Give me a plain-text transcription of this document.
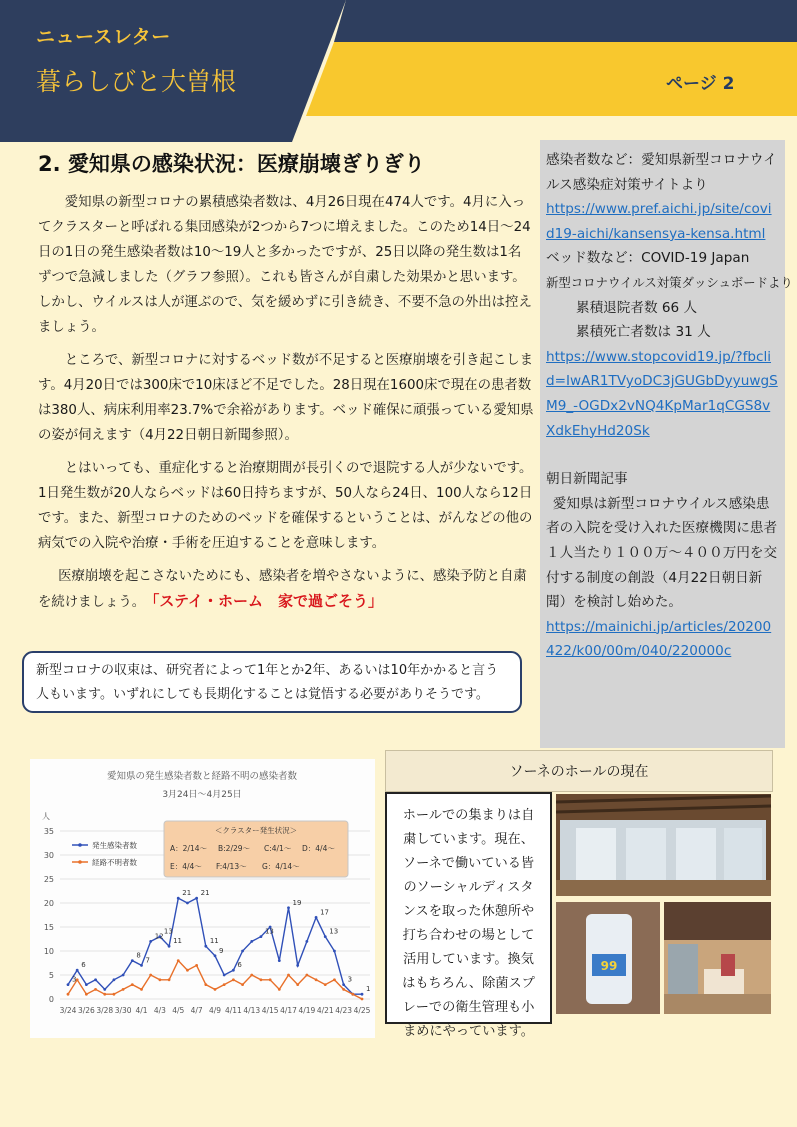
ニュースレター
暮らしびと大曽根	ページ 2
2. 愛知県の感染状況：医療崩壊ぎりぎり

愛知県の新型コロナの累積感染者数は、4月26日現在474人です。4月に入ってクラスターと呼ばれる集団感染が2つから7つに増えました。このため14日～24日の1日の発生感染者数は10～19人と多かったですが、25日以降の発生数は1名ずつで急減しました（グラフ参照）。これも皆さんが自粛した効果かと思います。しかし、ウイルスは人が運ぶので、気を緩めずに引き続き、不要不急の外出は控えましょう。

ところで、新型コロナに対するベッド数が不足すると医療崩壊を引き起こします。4月20日では300床で10床ほど不足でした。28日現在1600床で現在の患者数は380人、病床利用率23.7%で余裕があります。ベッド確保に頑張っている愛知県の姿が伺えます（4月22日朝日新聞参照）。

とはいっても、重症化すると治療期間が長引くので退院する人が少ないです。1日発生数が20人ならベッドは60日持ちますが、50人なら24日、100人なら12日です。また、新型コロナのためのベッドを確保するということは、がんなどの他の病気での入院や治療・手術を圧迫することを意味します。

医療崩壊を起こさないためにも、感染者を増やさないように、感染予防と自粛を続けましょう。　 「ステイ・ホーム　家で過ごそう」

新型コロナの収束は、研究者によって1年とか2年、あるいは10年かかると言う人もいます。いずれにしても長期化することは覚悟する必要がありそうです。
感染者数など：愛知県新型コロナウイルス感染症対策サイトより
https://www.pref.aichi.jp/site/covid19-aichi/kansensya-kensa.html
ベッド数など：COVID-19 Japan
新型コロナウイルス対策ダッシュボードより
累積退院者数 66 人
累積死亡者数は 31 人
https://www.stopcovid19.jp/?fbclid=IwAR1TVyoDC3jGUGbDyyuwgSM9_-OGDx2vNQ4KpMar1qCGS8vXdkEhyHd20Sk
朝日新聞記事
愛知県は新型コロナウイルス感染患者の入院を受け入れた医療機関に患者１人当たり１００万～４００万円を交付する制度の創設（4月22日朝日新聞）を検討し始めた。
https://mainichi.jp/articles/20200422/k00/00m/040/220000c
愛知県の発生感染者数と経路不明の感染者数
3月24日～4月25日
人
0
5
10
15
20
25
30
35	＜クラスター発生状況＞
A：2/14～ B:2/29～ C:4/1～ D：4/4～
E：4/4～ F:4/13～ G：4/14～
発生感染者数
経路不明者数
3
6
8
7
12
13
11
21 21
11
9
6
13
19
17
13
3
1
3/24 3/26 3/28 3/30 4/1 4/3 4/5 4/7 4/9 4/11 4/13 4/15 4/17 4/19 4/21 4/23 4/25
ソーネのホールの現在
ホールでの集まりは自粛しています。現在、ソーネで働いている皆のソーシャルディスタンスを取った休憩所や打ち合わせの場として活用しています。換気はもちろん、除菌スプレーでの衛生管理も小まめにやっています。
99
